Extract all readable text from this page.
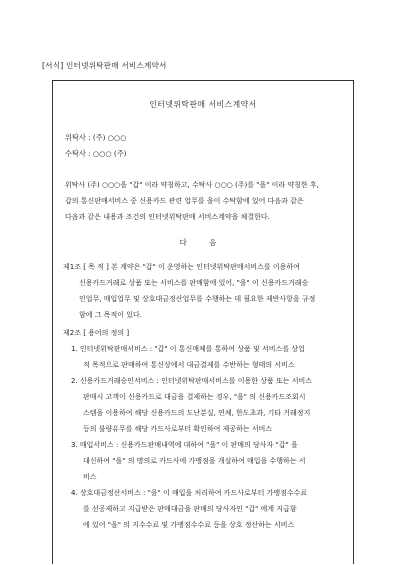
[서식] 인터넷위탁판매 서비스계약서
인터넷위탁판매 서비스계약서
위탁사 : (주) ○○○
수탁사 : ○○○ (주)

위탁사 (주) ○○○을 "갑" 이라 약칭하고, 수탁사 ○○○ (주)를 "을" 이라 약칭한 후,

갑의 통신판매서비스 중 신용카드 관련 업무를 을이 수탁함에 있어 다음과 같은

다음과 같은 내용과 조건의 인터넷위탁판매 서비스계약을 체결한다.

다 음

제1조 [ 목 적 ] 본 계약은 "갑" 이 운영하는 인터넷위탁판매서비스를 이용하여

신용카드거래로 상품 또는 서비스를 판매함에 있어, "을" 이 신용카드거래승

인업무, 매입업무 및 상호대금정산업무를 수행하는 데 필요한 제반사항을 규정

함에 그 목적이 있다.

제2조 [ 용어의 정의 ]

1. 인터넷위탁판매서비스 : "갑" 이 통신매체를 통하여 상품 및 서비스를 상업

적 목적으로 판매하여 통신상에서 대금결제를 수반하는 형태의 서비스

2. 신용카드거래승인서비스 : 인터넷위탁판매서비스를 이용한 상품 또는 서비스

판매시 고객이 신용카드로 대금을 결제하는 경우, "을" 의 신용카드조회시

스템을 이용하여 해당 신용카드의 도난분실, 연체, 한도초과, 기타 거래정지

등의 불량유무를 해당 카드사로부터 확인하여 제공하는 서비스

3. 매입서비스 : 신용카드판매내역에 대하여 "을" 이 판매의 당사자 "갑" 을

대신하여 "을" 의 명의로 카드사에 가맹점을 개설하여 매입을 수행하는 서

비스

4. 상호대금정산서비스 : "을" 이 매입을 처리하여 카드사로부터 가맹점수수료

를 선공제하고 지급받은 판매대금을 판매의 당사자인 "갑" 에게 지급함

에 있어 "을" 의 지수수료 및 가맹점수수료 등을 상호 정산하는 서비스
